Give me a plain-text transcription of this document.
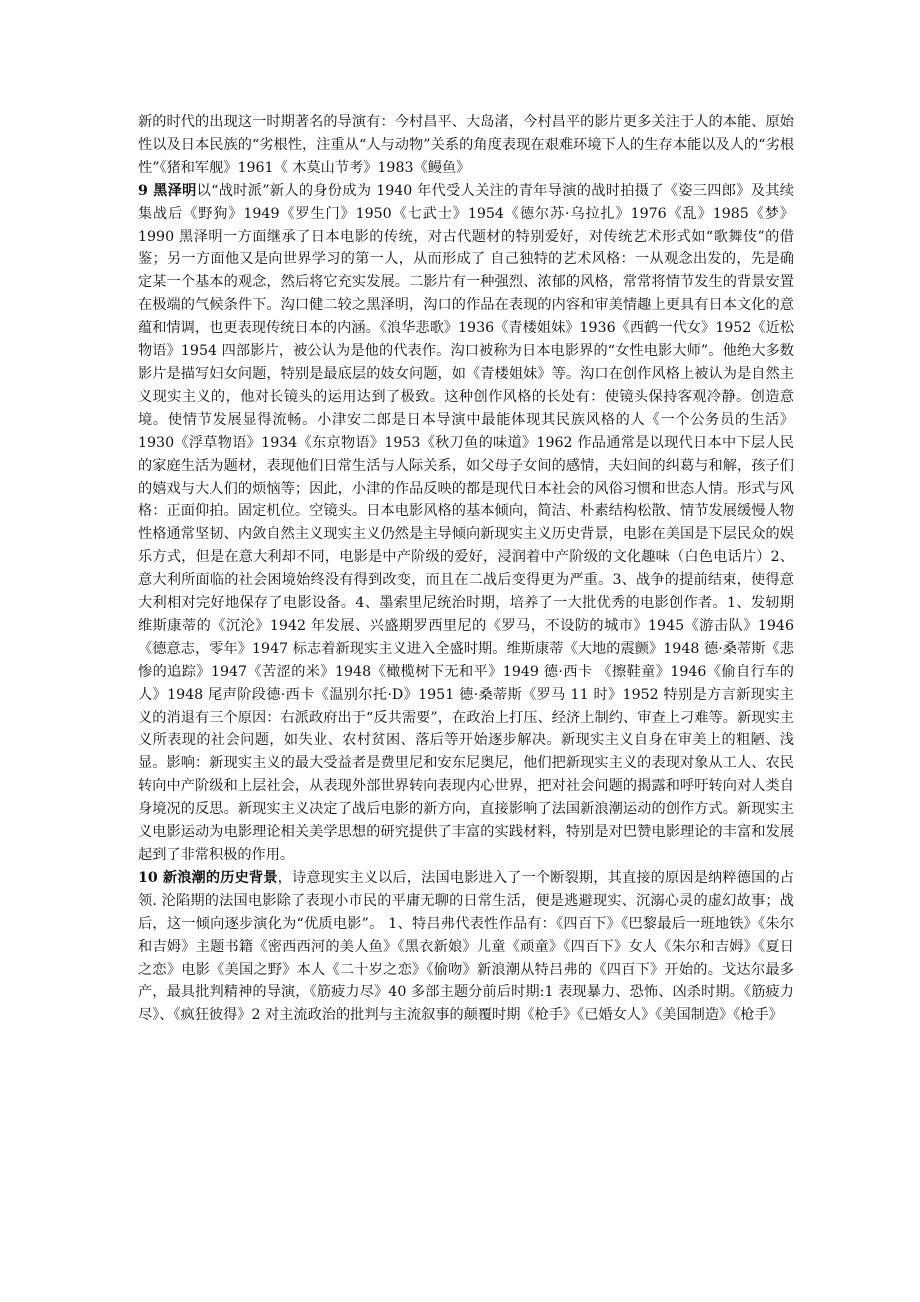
新的时代的出现这一时期著名的导演有：今村昌平、大岛渚，今村昌平的影片更多关注于人的本能、原始性以及日本民族的“劣根性，注重从“人与动物”关系的角度表现在艰难环境下人的生存本能以及人的“劣根性”《猪和军舰》1961《 木莫山节考》1983《鳗鱼》

9 黑泽明以“战时派”新人的身份成为 1940 年代受人关注的青年导演的战时拍摄了《姿三四郎》及其续集战后《野狗》1949《罗生门》1950《七武士》1954《德尔苏·乌拉扎》1976《乱》1985《梦》1990 黑泽明一方面继承了日本电影的传统，对古代题材的特别爱好，对传统艺术形式如“歌舞伎”的借鉴；另一方面他又是向世界学习的第一人，从而形成了 自己独特的艺术风格：一从观念出发的，先是确定某一个基本的观念，然后将它充实发展。二影片有一种强烈、浓郁的风格，常常将情节发生的背景安置在极端的气候条件下。沟口健二较之黑泽明，沟口的作品在表现的内容和审美情趣上更具有日本文化的意蕴和情调，也更表现传统日本的内涵。《浪华悲歌》1936《青楼姐妹》1936《西鹤一代女》1952《近松物语》1954 四部影片，被公认为是他的代表作。沟口被称为日本电影界的“女性电影大师”。他绝大多数影片是描写妇女问题，特别是最底层的妓女问题，如《青楼姐妹》等。沟口在创作风格上被认为是自然主义现实主义的，他对长镜头的运用达到了极致。这种创作风格的长处有：使镜头保持客观冷静。创造意境。使情节发展显得流畅。小津安二郎是日本导演中最能体现其民族风格的人《一个公务员的生活》1930《浮草物语》1934《东京物语》1953《秋刀鱼的味道》1962 作品通常是以现代日本中下层人民的家庭生活为题材，表现他们日常生活与人际关系，如父母子女间的感情，夫妇间的纠葛与和解，孩子们的嬉戏与大人们的烦恼等；因此，小津的作品反映的都是现代日本社会的风俗习惯和世态人情。形式与风格：正面仰拍。固定机位。空镜头。日本电影风格的基本倾向，简洁、朴素结构松散、情节发展缓慢人物性格通常坚韧、内敛自然主义现实主义仍然是主导倾向新现实主义历史背景，电影在美国是下层民众的娱乐方式，但是在意大利却不同，电影是中产阶级的爱好，浸润着中产阶级的文化趣味（白色电话片）2、意大利所面临的社会困境始终没有得到改变，而且在二战后变得更为严重。3、战争的提前结束，使得意大利相对完好地保存了电影设备。4、墨索里尼统治时期，培养了一大批优秀的电影创作者。1、发轫期维斯康蒂的《沉沦》1942 年发展、兴盛期罗西里尼的《罗马，不设防的城市》1945《游击队》1946《德意志，零年》1947 标志着新现实主义进入全盛时期。维斯康蒂《大地的震颤》1948 德·桑蒂斯《悲惨的追踪》1947《苦涩的米》1948《橄榄树下无和平》1949 德·西卡 《擦鞋童》1946《偷自行车的人》1948 尾声阶段德·西卡《温别尔托·D》1951 德·桑蒂斯《罗马 11 时》1952 特别是方言新现实主义的消退有三个原因：右派政府出于“反共需要”，在政治上打压、经济上制约、审查上刁难等。新现实主义所表现的社会问题，如失业、农村贫困、落后等开始逐步解决。新现实主义自身在审美上的粗陋、浅显。影响：新现实主义的最大受益者是费里尼和安东尼奥尼，他们把新现实主义的表现对象从工人、农民转向中产阶级和上层社会，从表现外部世界转向表现内心世界，把对社会问题的揭露和呼吁转向对人类自身境况的反思。新现实主义决定了战后电影的新方向，直接影响了法国新浪潮运动的创作方式。新现实主义电影运动为电影理论相关美学思想的研究提供了丰富的实践材料，特别是对巴赞电影理论的丰富和发展起到了非常积极的作用。

10 新浪潮的历史背景，诗意现实主义以后，法国电影进入了一个断裂期，其直接的原因是纳粹德国的占领. 沦陷期的法国电影除了表现小市民的平庸无聊的日常生活，便是逃避现实、沉溺心灵的虚幻故事；战后，这一倾向逐步演化为“优质电影”。 1、特吕弗代表性作品有：《四百下》《巴黎最后一班地铁》《朱尔和吉姆》主题书籍《密西西河的美人鱼》《黑衣新娘》儿童《顽童》《四百下》女人《朱尔和吉姆》《夏日之恋》电影《美国之野》本人《二十岁之恋》《偷吻》新浪潮从特吕弗的《四百下》开始的。戈达尔最多产，最具批判精神的导演，《筋疲力尽》40 多部主题分前后时期:1 表现暴力、恐怖、凶杀时期。《筋疲力尽》、《疯狂彼得》2 对主流政治的批判与主流叙事的颠覆时期《枪手》《已婚女人》《美国制造》《枪手》
